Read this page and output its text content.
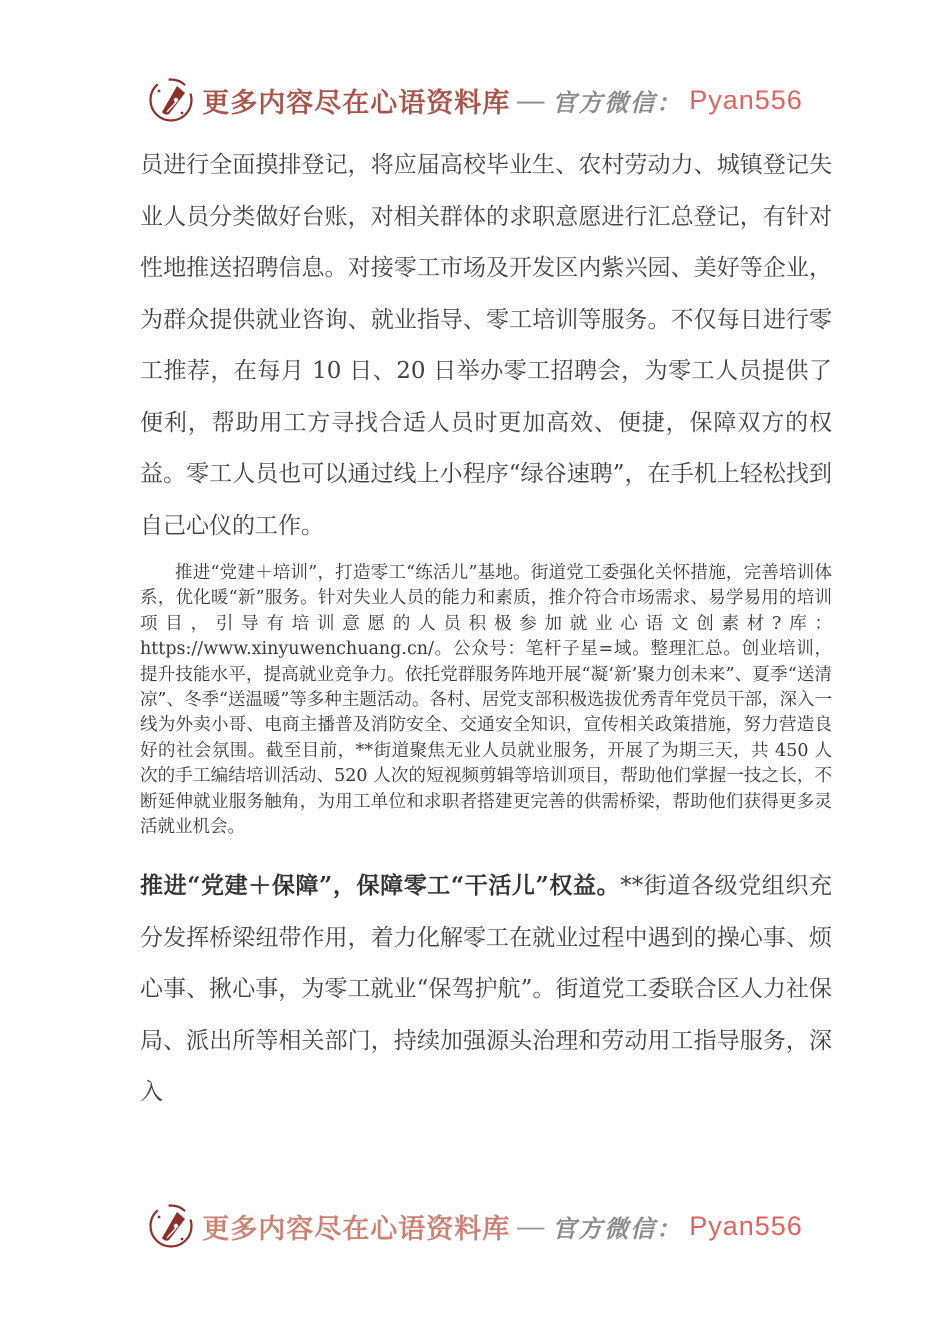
更多内容尽在心语资料库 — 官方微信： Pyan556

员进行全面摸排登记，将应届高校毕业生、农村劳动力、城镇登记失业人员分类做好台账，对相关群体的求职意愿进行汇总登记，有针对性地推送招聘信息。对接零工市场及开发区内紫兴园、美好等企业，为群众提供就业咨询、就业指导、零工培训等服务。不仅每日进行零工推荐，在每月 10 日、20 日举办零工招聘会，为零工人员提供了便利，帮助用工方寻找合适人员时更加高效、便捷，保障双方的权益。零工人员也可以通过线上小程序“绿谷速聘”，在手机上轻松找到自己心仪的工作。

推进“党建＋培训”，打造零工“练活儿”基地。街道党工委强化关怀措施，完善培训体系，优化暖“新”服务。针对失业人员的能力和素质，推介符合市场需求、易学易用的培训项目，引导有培训意愿的人员积极参加就业心语文创素材?库：https://www.xinyuwenchuang.cn/。公众号：笔杆子星=域。整理汇总。创业培训，提升技能水平，提高就业竞争力。依托党群服务阵地开展“凝‘新’聚力创未来”、夏季“送清凉”、冬季“送温暖”等多种主题活动。各村、居党支部积极选拔优秀青年党员干部，深入一线为外卖小哥、电商主播普及消防安全、交通安全知识，宣传相关政策措施，努力营造良好的社会氛围。截至目前，**街道聚焦无业人员就业服务，开展了为期三天，共 450 人次的手工编结培训活动、520 人次的短视频剪辑等培训项目，帮助他们掌握一技之长，不断延伸就业服务触角，为用工单位和求职者搭建更完善的供需桥梁，帮助他们获得更多灵活就业机会。

推进“党建＋保障”，保障零工“干活儿”权益。**街道各级党组织充分发挥桥梁纽带作用，着力化解零工在就业过程中遇到的操心事、烦心事、揪心事，为零工就业“保驾护航”。街道党工委联合区人力社保局、派出所等相关部门，持续加强源头治理和劳动用工指导服务，深入

更多内容尽在心语资料库 — 官方微信： Pyan556
